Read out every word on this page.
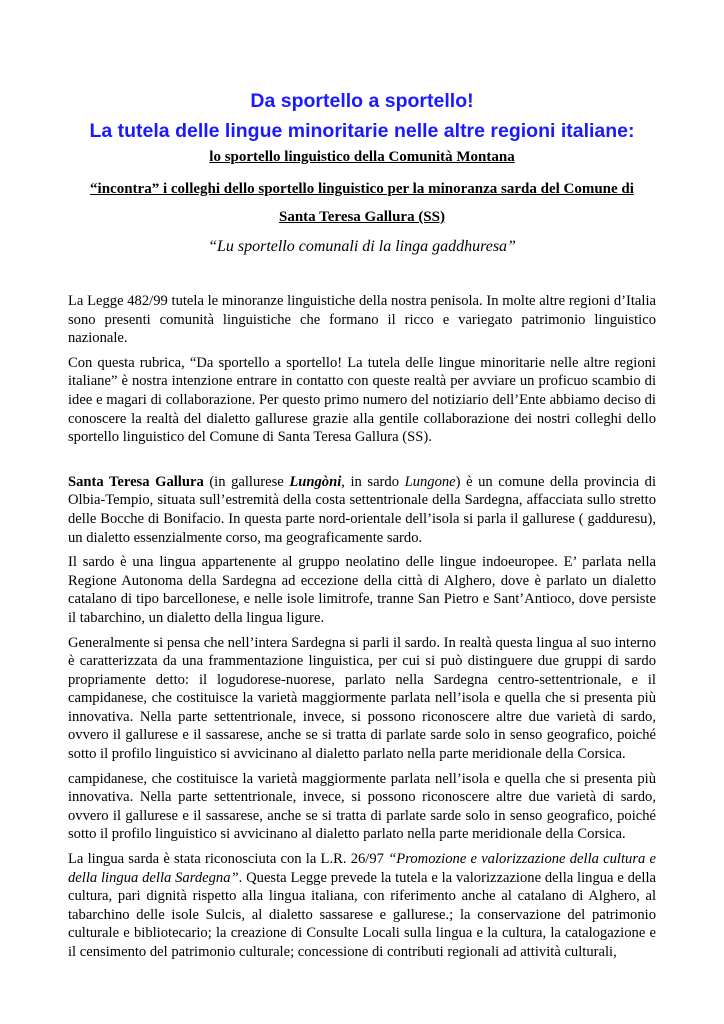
Da sportello a sportello!
La tutela delle lingue minoritarie nelle altre regioni italiane:
lo sportello linguistico della Comunità Montana
“incontra” i colleghi dello sportello linguistico per la minoranza sarda del Comune di
Santa Teresa Gallura (SS)
“Lu sportello comunali di la linga gaddhuresa”

La Legge 482/99 tutela le minoranze linguistiche della nostra penisola. In molte altre regioni d’Italia sono presenti comunità linguistiche che formano il ricco e variegato patrimonio linguistico nazionale.

Con questa rubrica, “Da sportello a sportello! La tutela delle lingue minoritarie nelle altre regioni italiane” è nostra intenzione entrare in contatto con queste realtà per avviare un proficuo scambio di idee e magari di collaborazione. Per questo primo numero del notiziario dell’Ente abbiamo deciso di conoscere la realtà del dialetto gallurese grazie alla gentile collaborazione dei nostri colleghi dello sportello linguistico del Comune di Santa Teresa Gallura (SS).

Santa Teresa Gallura (in gallurese Lungòni, in sardo Lungone) è un comune della provincia di Olbia-Tempio, situata sull’estremità della costa settentrionale della Sardegna, affacciata sullo stretto delle Bocche di Bonifacio. In questa parte nord-orientale dell’isola si parla il gallurese ( gadduresu), un dialetto essenzialmente corso, ma geograficamente sardo.

Il sardo è una lingua appartenente al gruppo neolatino delle lingue indoeuropee. E’ parlata nella Regione Autonoma della Sardegna ad eccezione della città di Alghero, dove è parlato un dialetto catalano di tipo barcellonese, e nelle isole limitrofe, tranne San Pietro e Sant’Antioco, dove persiste il tabarchino, un dialetto della lingua ligure.

Generalmente si pensa che nell’intera Sardegna si parli il sardo. In realtà questa lingua al suo interno è caratterizzata da una frammentazione linguistica, per cui si può distinguere due gruppi di sardo propriamente detto: il logudorese-nuorese, parlato nella Sardegna centro-settentrionale, e il campidanese, che costituisce la varietà maggiormente parlata nell’isola e quella che si presenta più innovativa. Nella parte settentrionale, invece, si possono riconoscere altre due varietà di sardo, ovvero il gallurese e il sassarese, anche se si tratta di parlate sarde solo in senso geografico, poiché sotto il profilo linguistico si avvicinano al dialetto parlato nella parte meridionale della Corsica.

campidanese, che costituisce la varietà maggiormente parlata nell’isola e quella che si presenta più innovativa. Nella parte settentrionale, invece, si possono riconoscere altre due varietà di sardo, ovvero il gallurese e il sassarese, anche se si tratta di parlate sarde solo in senso geografico, poiché sotto il profilo linguistico si avvicinano al dialetto parlato nella parte meridionale della Corsica.

La lingua sarda è stata riconosciuta con la L.R. 26/97 “Promozione e valorizzazione della cultura e della lingua della Sardegna”. Questa Legge prevede la tutela e la valorizzazione della lingua e della cultura, pari dignità rispetto alla lingua italiana, con riferimento anche al catalano di Alghero, al tabarchino delle isole Sulcis, al dialetto sassarese e gallurese.; la conservazione del patrimonio culturale e bibliotecario; la creazione di Consulte Locali sulla lingua e la cultura, la catalogazione e il censimento del patrimonio culturale; concessione di contributi regionali ad attività culturali,
